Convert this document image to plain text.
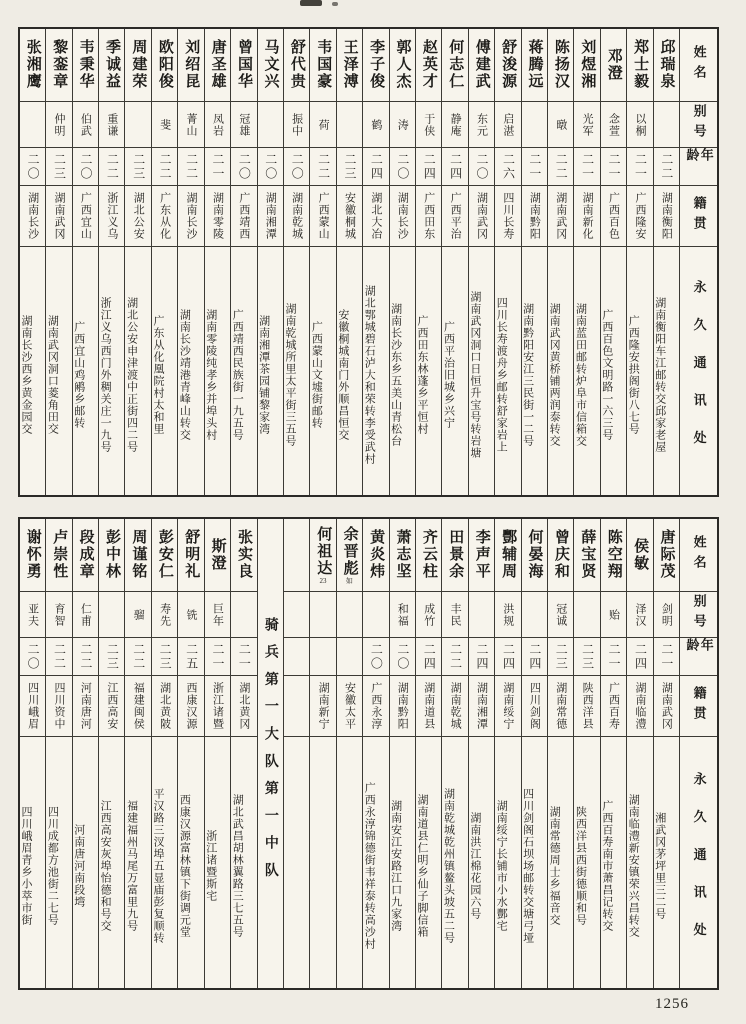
姓名
别号
年龄
籍贯
永久通讯处
邱瑞泉
二二
湖南衡阳
湖南衡阳车江邮转交邱家老屋
郑士毅
以桐
二一
广西隆安
广西隆安拱阁街八七号
邓澄
念萱
二一
广西百色
广西百色文明路一六三号
刘煜湘
光军
二一
湖南新化
湖南蓝田邮转炉阜市信箱交
陈扬汉
暾
二二
湖南武冈
湖南武冈黄桥铺两润泰转交
蒋腾远
二一
湖南黔阳
湖南黔阳安江三民街一二号
舒浚源
启湛
二六
四川长寿
四川长寿渡舟乡邮转舒家岩上
傅建武
东元
二〇
湖南武冈
湖南武冈洞口日恒升宝号转岩塘
何志仁
静庵
二四
广西平治
广西平治旧城乡兴宁
赵英才
于侠
二四
广西田东
广西田东林蓬乡平恒村
郭人杰
涛
二〇
湖南长沙
湖南长沙东乡五美山青松台
李子俊
鹤
二四
湖北大冶
湖北鄂城碧石泸大和荣转李受武村
王泽溥
二三
安徽桐城
安徽桐城南门外顺昌恒交
韦国豪
荷
二二
广西蒙山
广西蒙山文墟街邮转
舒代贵
振中
二〇
湖南乾城
湖南乾城所里太平街三五号
马文兴
二〇
湖南湘潭
湖南湘潭茶园铺黎家湾
曾国华
冠雄
二〇
广西靖西
广西靖西民族街一九五号
唐圣雄
凤岩
二一
湖南零陵
湖南零陵纯孝乡并埠头村
刘绍昆
菁山
二二
湖南长沙
湖南长沙靖港青峰山转交
欧阳俊
斐
二二
广东从化
广东从化凰院村太和里
周建荣
二三
湖北公安
湖北公安申津渡中正街四二号
季诚益
重谦
二二
浙江义乌
浙江义乌西门外稠关庄一九号
韦秉华
伯武
二〇
广西宜山
广西宜山鸡鹇乡邮转
黎銮章
仲明
二三
湖南武冈
湖南武冈洞口菱角田交
张湘鹰
二〇
湖南长沙
湖南长沙西乡黄金园交
姓名
别号
年龄
籍贯
永久通讯处
唐际茂
剑明
二一
湖南武冈
湘武冈茅坪里三二号
侯敏
泽汉
二四
湖南临澧
湖南临澧新安镇荣兴昌转交
陈空翔
贻
二一
广西百寿
广西百寿南市萧昌记转交
薛宝贤
二三
陕西洋县
陕西洋县西街德顺和号
曾庆和
冠诚
二三
湖南常德
湖南常德周士乡福音交
何晏海
二四
四川剑阁
四川剑阁石坝场邮转交塘弓垭
酆辅周
洪规
二四
湖南绥宁
湖南绥宁长铺市小水酆宅
李声平
二四
湖南湘潭
湖南洪江棉花园六号
田景余
丰民
二二
湖南乾城
湖南乾城乾州镇鳌头坡五二号
齐云柱
成竹
二四
湖南道县
湖南道县仁明乡仙子脚信箱
萧志坚
和福
二〇
湖南黔阳
湖南安江安路江口九家湾
黄炎炜
二〇
广西永淳
广西永淳锦德街韦祥泰转高沙村
余晋彪
如
安徽太平
何祖达
23
湖南新宁
骑兵第一大队第一中队
张实良
二一
湖北黄冈
湖北武昌胡林翼路三七五号
斯澄
巨年
二一
浙江诸暨
浙江诸暨斯宅
舒明礼
铣
二五
西康汉源
西康汉源富林镇下街调元堂
彭安仁
寿先
二三
湖北黄陂
平汉路三汊埠五显庙彭复顺转
周谨铭
骝
二二
福建闽侯
福建福州马尾万富里九号
彭中林
二三
江西高安
江西高安灰埠怡德和号交
段成章
仁甫
二二
河南唐河
河南唐河南段塆
卢崇性
育智
二二
四川资中
四川成都方池街二七号
谢怀勇
亚夫
二〇
四川峨眉
四川峨眉青乡小萃市街
1256
